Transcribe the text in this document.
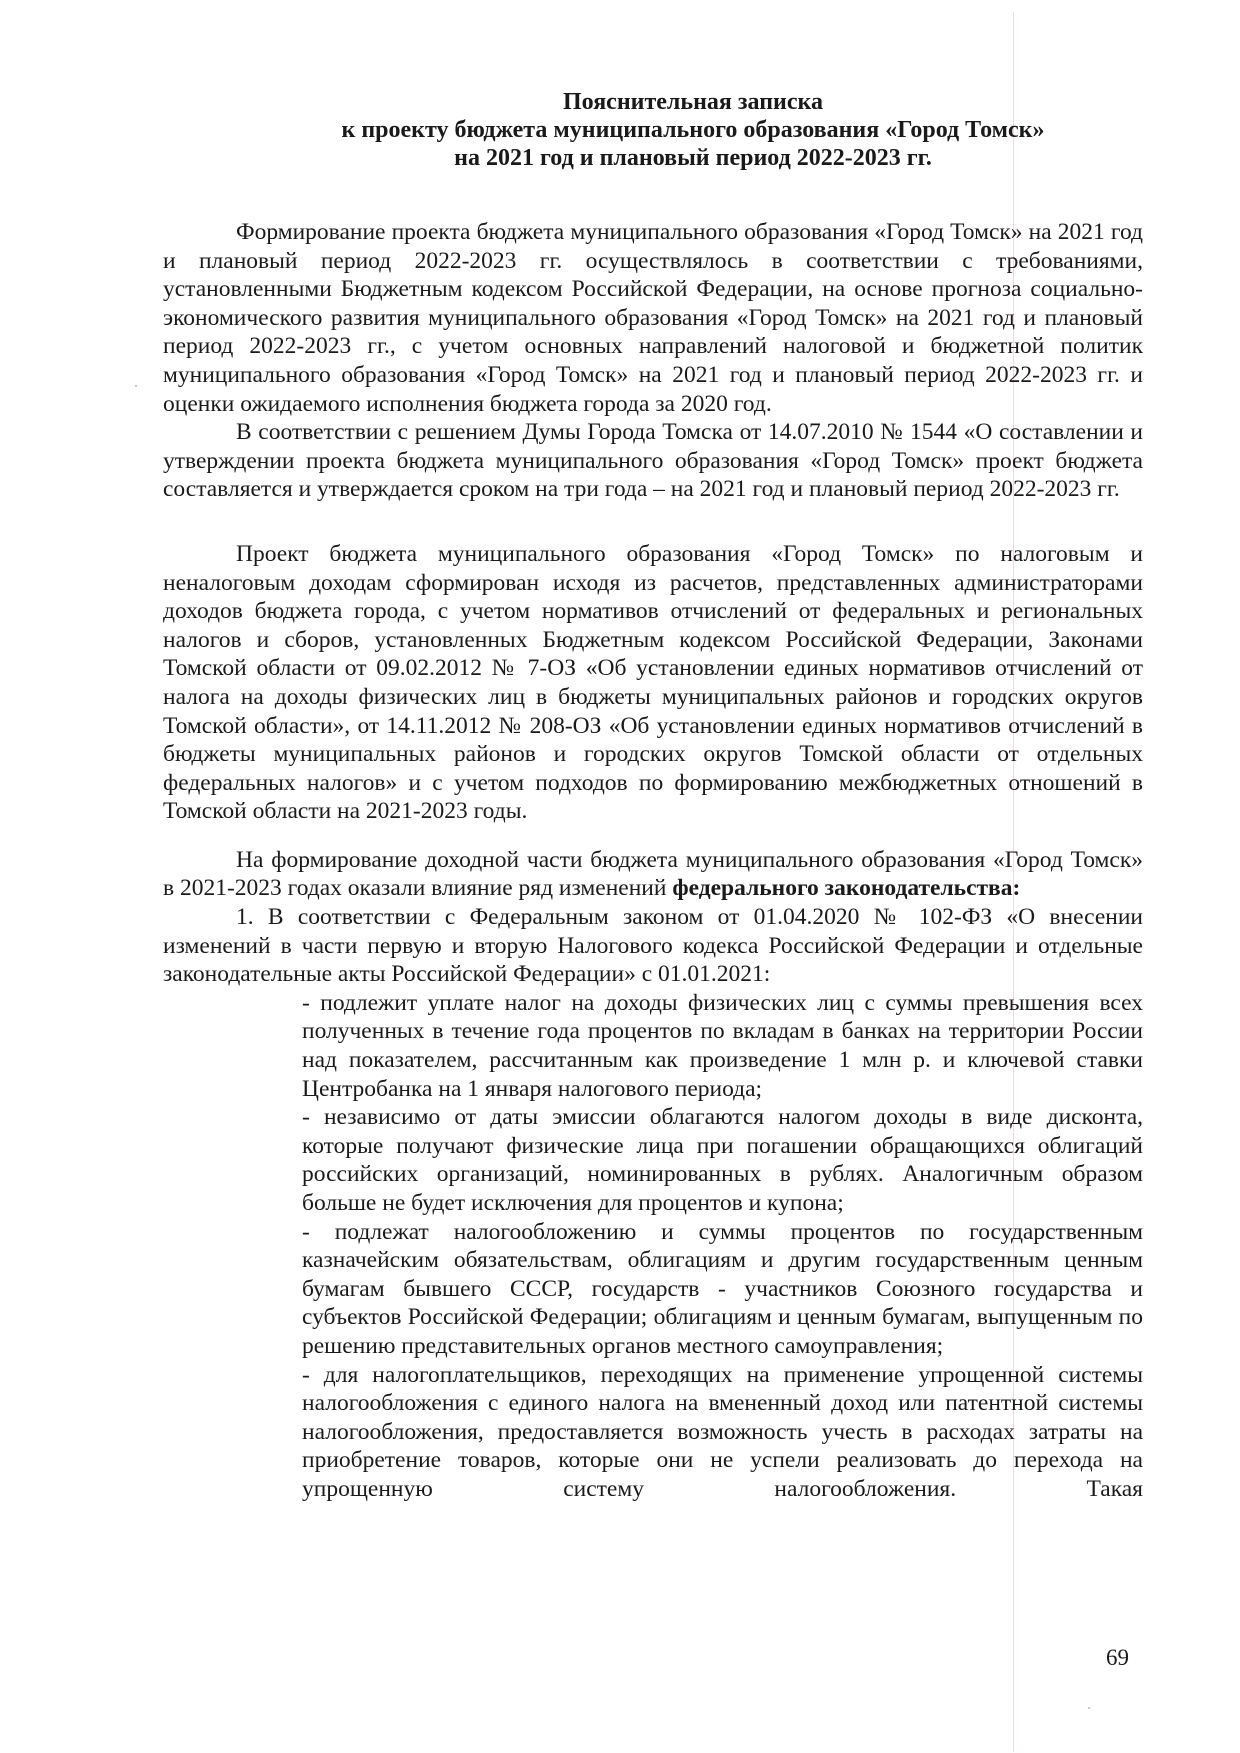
Пояснительная записка
к проекту бюджета муниципального образования «Город Томск»
на 2021 год и плановый период 2022-2023 гг.

Формирование проекта бюджета муниципального образования «Город Томск» на 2021 год и плановый период 2022-2023 гг. осуществлялось в соответствии с требованиями, установленными Бюджетным кодексом Российской Федерации, на основе прогноза социально-экономического развития муниципального образования «Город Томск» на 2021 год и плановый период 2022-2023 гг., с учетом основных направлений налоговой и бюджетной политик муниципального образования «Город Томск» на 2021 год и плановый период 2022-2023 гг. и оценки ожидаемого исполнения бюджета города за 2020 год.

В соответствии с решением Думы Города Томска от 14.07.2010 № 1544 «О составлении и утверждении проекта бюджета муниципального образования «Город Томск» проект бюджета составляется и утверждается сроком на три года – на 2021 год и плановый период 2022-2023 гг.

Проект бюджета муниципального образования «Город Томск» по налоговым и неналоговым доходам сформирован исходя из расчетов, представленных администраторами доходов бюджета города, с учетом нормативов отчислений от федеральных и региональных налогов и сборов, установленных Бюджетным кодексом Российской Федерации, Законами Томской области от 09.02.2012 № 7-ОЗ «Об установлении единых нормативов отчислений от налога на доходы физических лиц в бюджеты муниципальных районов и городских округов Томской области», от 14.11.2012 № 208-ОЗ «Об установлении единых нормативов отчислений в бюджеты муниципальных районов и городских округов Томской области от отдельных федеральных налогов» и с учетом подходов по формированию межбюджетных отношений в Томской области на 2021-2023 годы.

На формирование доходной части бюджета муниципального образования «Город Томск» в 2021-2023 годах оказали влияние ряд изменений федерального законодательства:

1. В соответствии с Федеральным законом от 01.04.2020 № 102-ФЗ «О внесении изменений в части первую и вторую Налогового кодекса Российской Федерации и отдельные законодательные акты Российской Федерации» с 01.01.2021:

- подлежит уплате налог на доходы физических лиц с суммы превышения всех полученных в течение года процентов по вкладам в банках на территории России над показателем, рассчитанным как произведение 1 млн р. и ключевой ставки Центробанка на 1 января налогового периода;

- независимо от даты эмиссии облагаются налогом доходы в виде дисконта, которые получают физические лица при погашении обращающихся облигаций российских организаций, номинированных в рублях. Аналогичным образом больше не будет исключения для процентов и купона;

- подлежат налогообложению и суммы процентов по государственным казначейским обязательствам, облигациям и другим государственным ценным бумагам бывшего СССР, государств - участников Союзного государства и субъектов Российской Федерации; облигациям и ценным бумагам, выпущенным по решению представительных органов местного самоуправления;

- для налогоплательщиков, переходящих на применение упрощенной системы налогообложения с единого налога на вмененный доход или патентной системы налогообложения, предоставляется возможность учесть в расходах затраты на приобретение товаров, которые они не успели реализовать до перехода на упрощенную систему налогообложения. Такая

69
